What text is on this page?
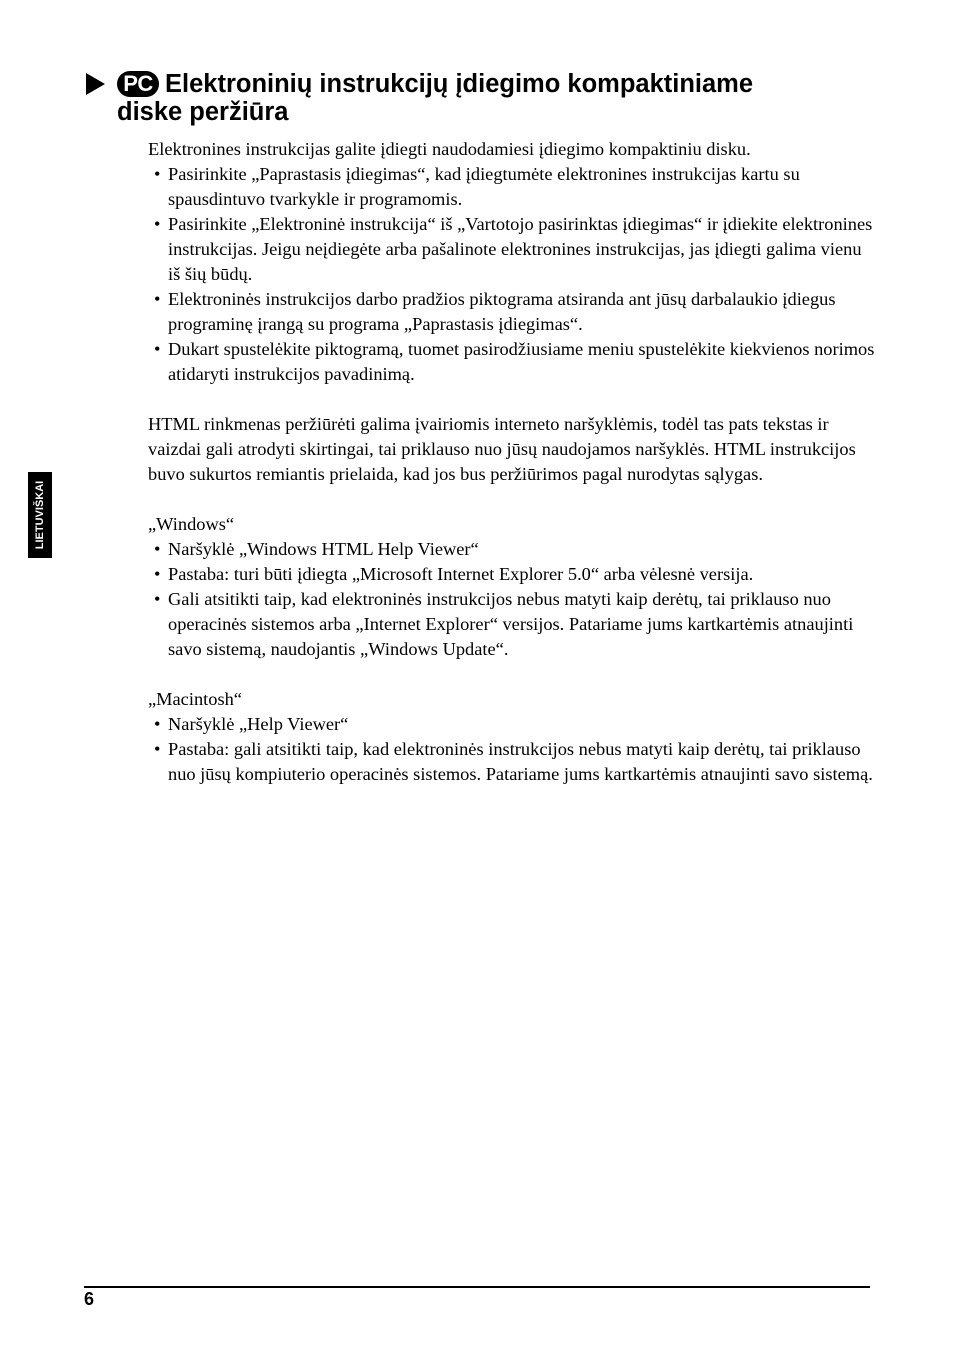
PC Elektroninių instrukcijų įdiegimo kompaktiniame
diske peržiūra
LIETUVIŠKAI

Elektronines instrukcijas galite įdiegti naudodamiesi įdiegimo kompaktiniu disku.

• Pasirinkite „Paprastasis įdiegimas“, kad įdiegtumėte elektronines instrukcijas kartu su spausdintuvo tvarkykle ir programomis.
• Pasirinkite „Elektroninė instrukcija“ iš „Vartotojo pasirinktas įdiegimas“ ir įdiekite elektronines instrukcijas. Jeigu neįdiegėte arba pašalinote elektronines instrukcijas, jas įdiegti galima vienu iš šių būdų.
• Elektroninės instrukcijos darbo pradžios piktograma atsiranda ant jūsų darbalaukio įdiegus programinę įrangą su programa „Paprastasis įdiegimas“.
• Dukart spustelėkite piktogramą, tuomet pasirodžiusiame meniu spustelėkite kiekvienos norimos atidaryti instrukcijos pavadinimą.

HTML rinkmenas peržiūrėti galima įvairiomis interneto naršyklėmis, todėl tas pats tekstas ir vaizdai gali atrodyti skirtingai, tai priklauso nuo jūsų naudojamos naršyklės. HTML instrukcijos buvo sukurtos remiantis prielaida, kad jos bus peržiūrimos pagal nurodytas sąlygas.

„Windows“

• Naršyklė „Windows HTML Help Viewer“
• Pastaba: turi būti įdiegta „Microsoft Internet Explorer 5.0“ arba vėlesnė versija.
• Gali atsitikti taip, kad elektroninės instrukcijos nebus matyti kaip derėtų, tai priklauso nuo operacinės sistemos arba „Internet Explorer“ versijos. Patariame jums kartkartėmis atnaujinti savo sistemą, naudojantis „Windows Update“.

„Macintosh“

• Naršyklė „Help Viewer“
• Pastaba: gali atsitikti taip, kad elektroninės instrukcijos nebus matyti kaip derėtų, tai priklauso nuo jūsų kompiuterio operacinės sistemos. Patariame jums kartkartėmis atnaujinti savo sistemą.
6
